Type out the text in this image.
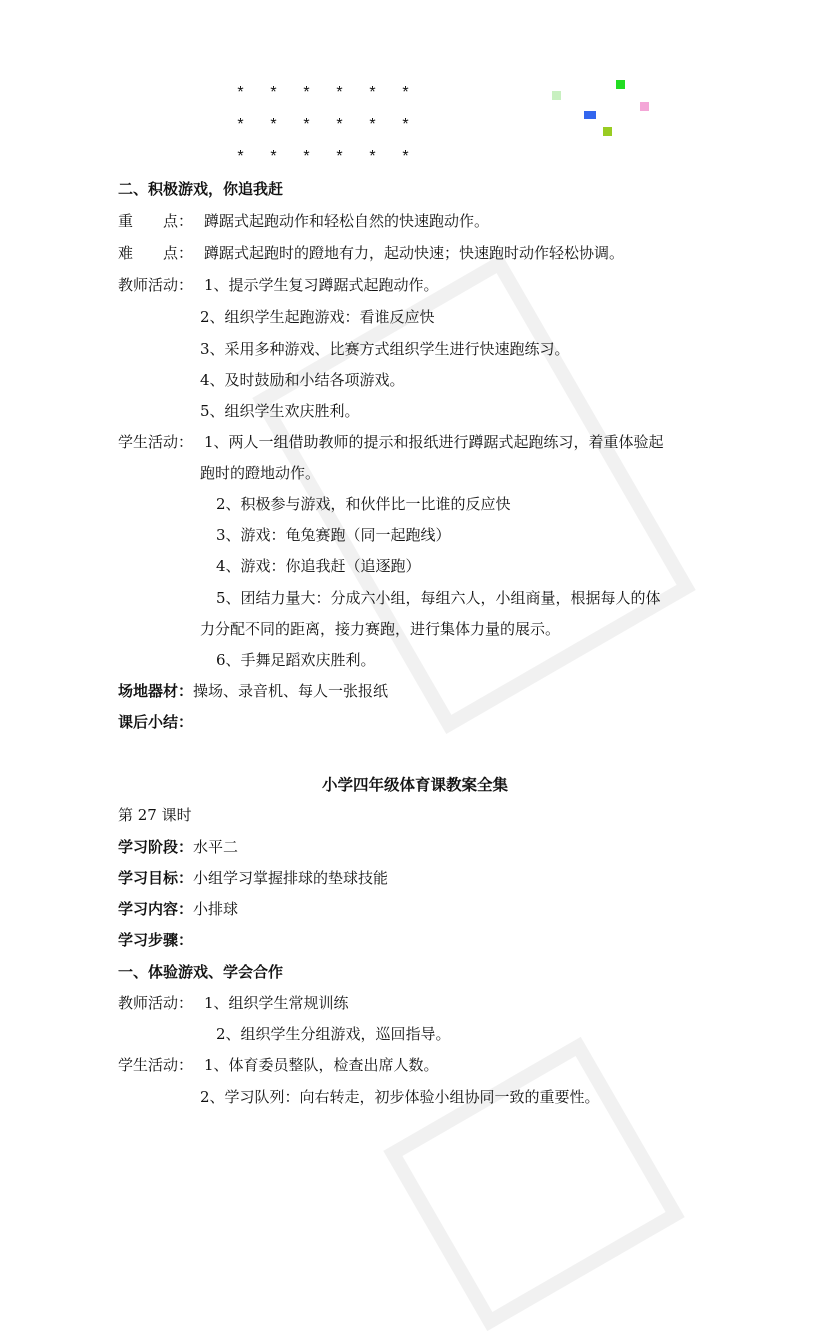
*	*	*	*	*	*
*	*	*	*	*	*
*	*	*	*	*	*
二、积极游戏，你追我赶
重　　点： 蹲踞式起跑动作和轻松自然的快速跑动作。
难　　点： 蹲踞式起跑时的蹬地有力，起动快速；快速跑时动作轻松协调。
教师活动： 1、提示学生复习蹲踞式起跑动作。
2、组织学生起跑游戏：看谁反应快
3、采用多种游戏、比赛方式组织学生进行快速跑练习。
4、及时鼓励和小结各项游戏。
5、组织学生欢庆胜利。
学生活动： 1、两人一组借助教师的提示和报纸进行蹲踞式起跑练习，着重体验起
跑时的蹬地动作。
2、积极参与游戏，和伙伴比一比谁的反应快
3、游戏：龟兔赛跑（同一起跑线）
4、游戏：你追我赶（追逐跑）
5、团结力量大：分成六小组，每组六人，小组商量，根据每人的体
力分配不同的距离，接力赛跑，进行集体力量的展示。
6、手舞足蹈欢庆胜利。
场地器材：操场、录音机、每人一张报纸
课后小结：
小学四年级体育课教案全集
第 27 课时
学习阶段：水平二
学习目标：小组学习掌握排球的垫球技能
学习内容：小排球
学习步骤：
一、体验游戏、学会合作
教师活动： 1、组织学生常规训练
2、组织学生分组游戏，巡回指导。
学生活动： 1、体育委员整队，检查出席人数。
2、学习队列：向右转走，初步体验小组协同一致的重要性。
